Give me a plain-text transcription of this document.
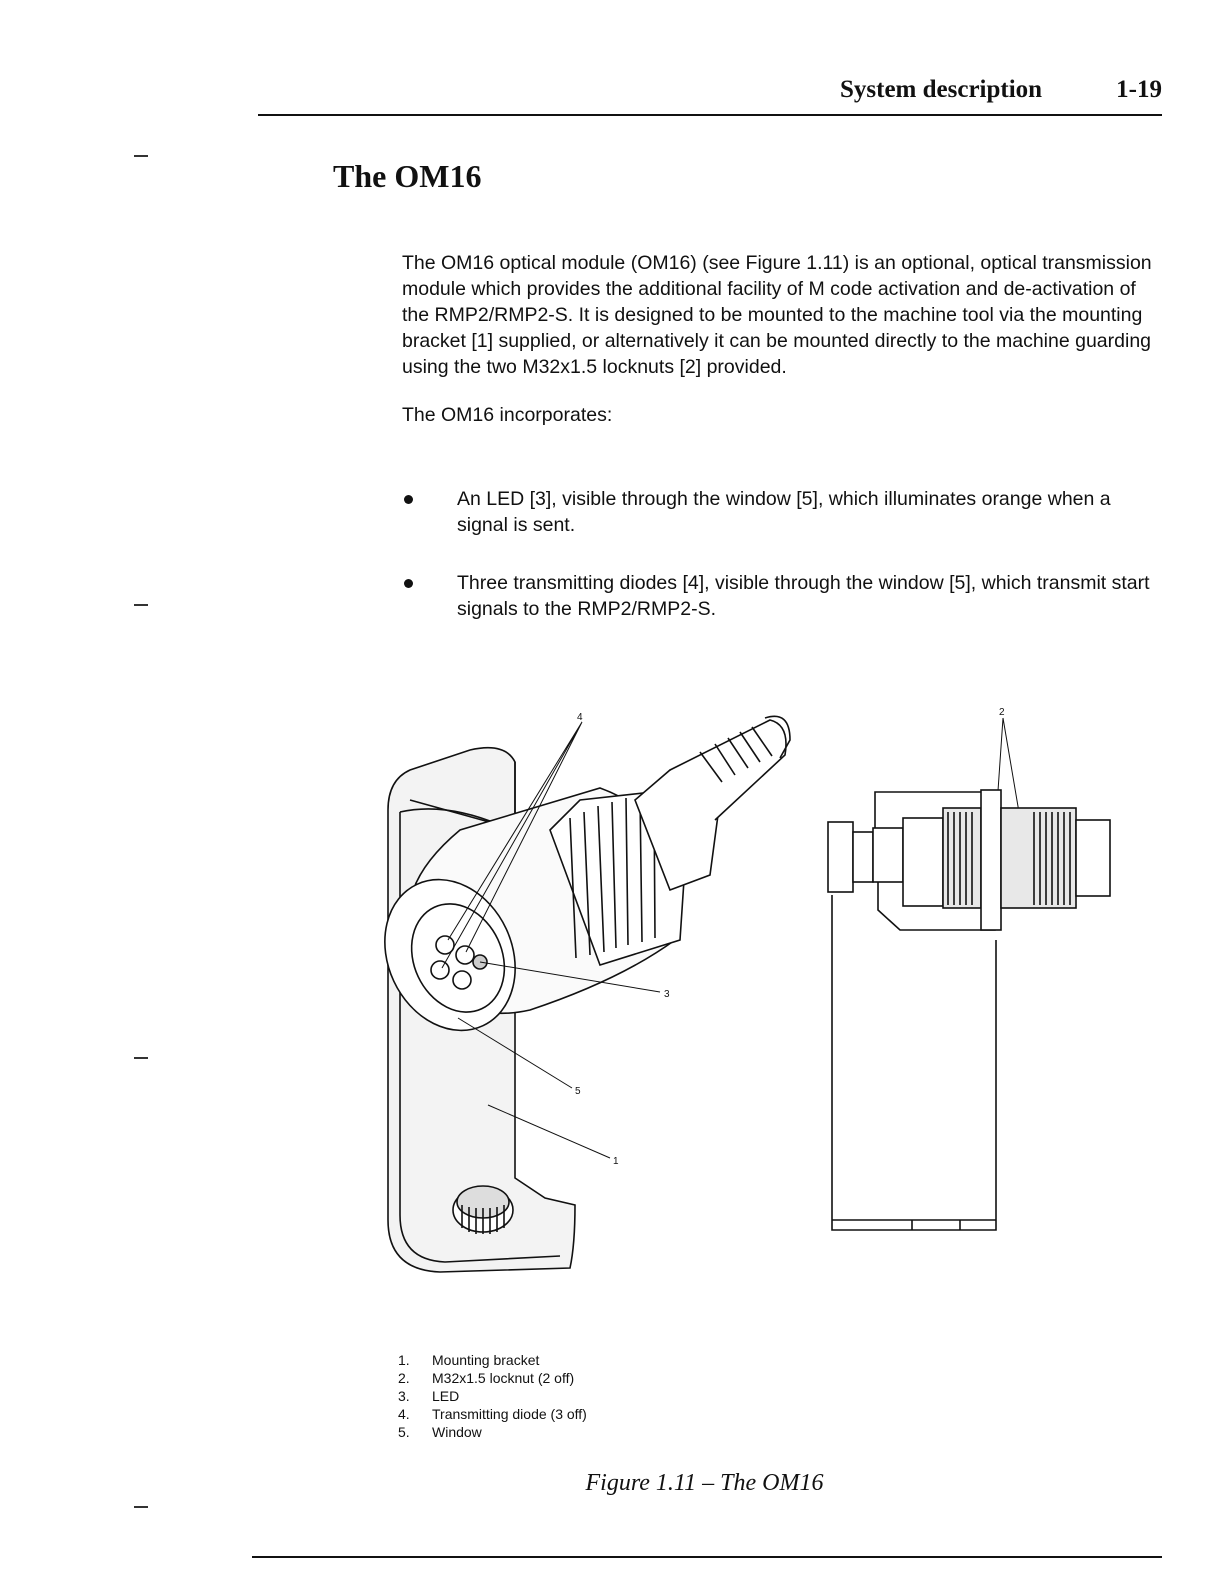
System description	1-19
The OM16

The OM16 optical module (OM16) (see Figure 1.11) is an optional, optical transmission module which provides the additional facility of M code activation and de-activation of the RMP2/RMP2-S. It is designed to be mounted to the machine tool via the mounting bracket [1] supplied, or alternatively it can be mounted directly to the machine guarding using the two M32x1.5 locknuts [2] provided.

The OM16 incorporates:

An LED [3], visible through the window [5], which illuminates orange when a signal is sent.
Three transmitting diodes [4], visible through the window [5], which transmit start signals to the RMP2/RMP2-S.
4
3
5
1
2
1.	Mounting bracket
2.	M32x1.5 locknut (2 off)
3.	LED
4.	Transmitting diode (3 off)
5.	Window
Figure 1.11 – The OM16
